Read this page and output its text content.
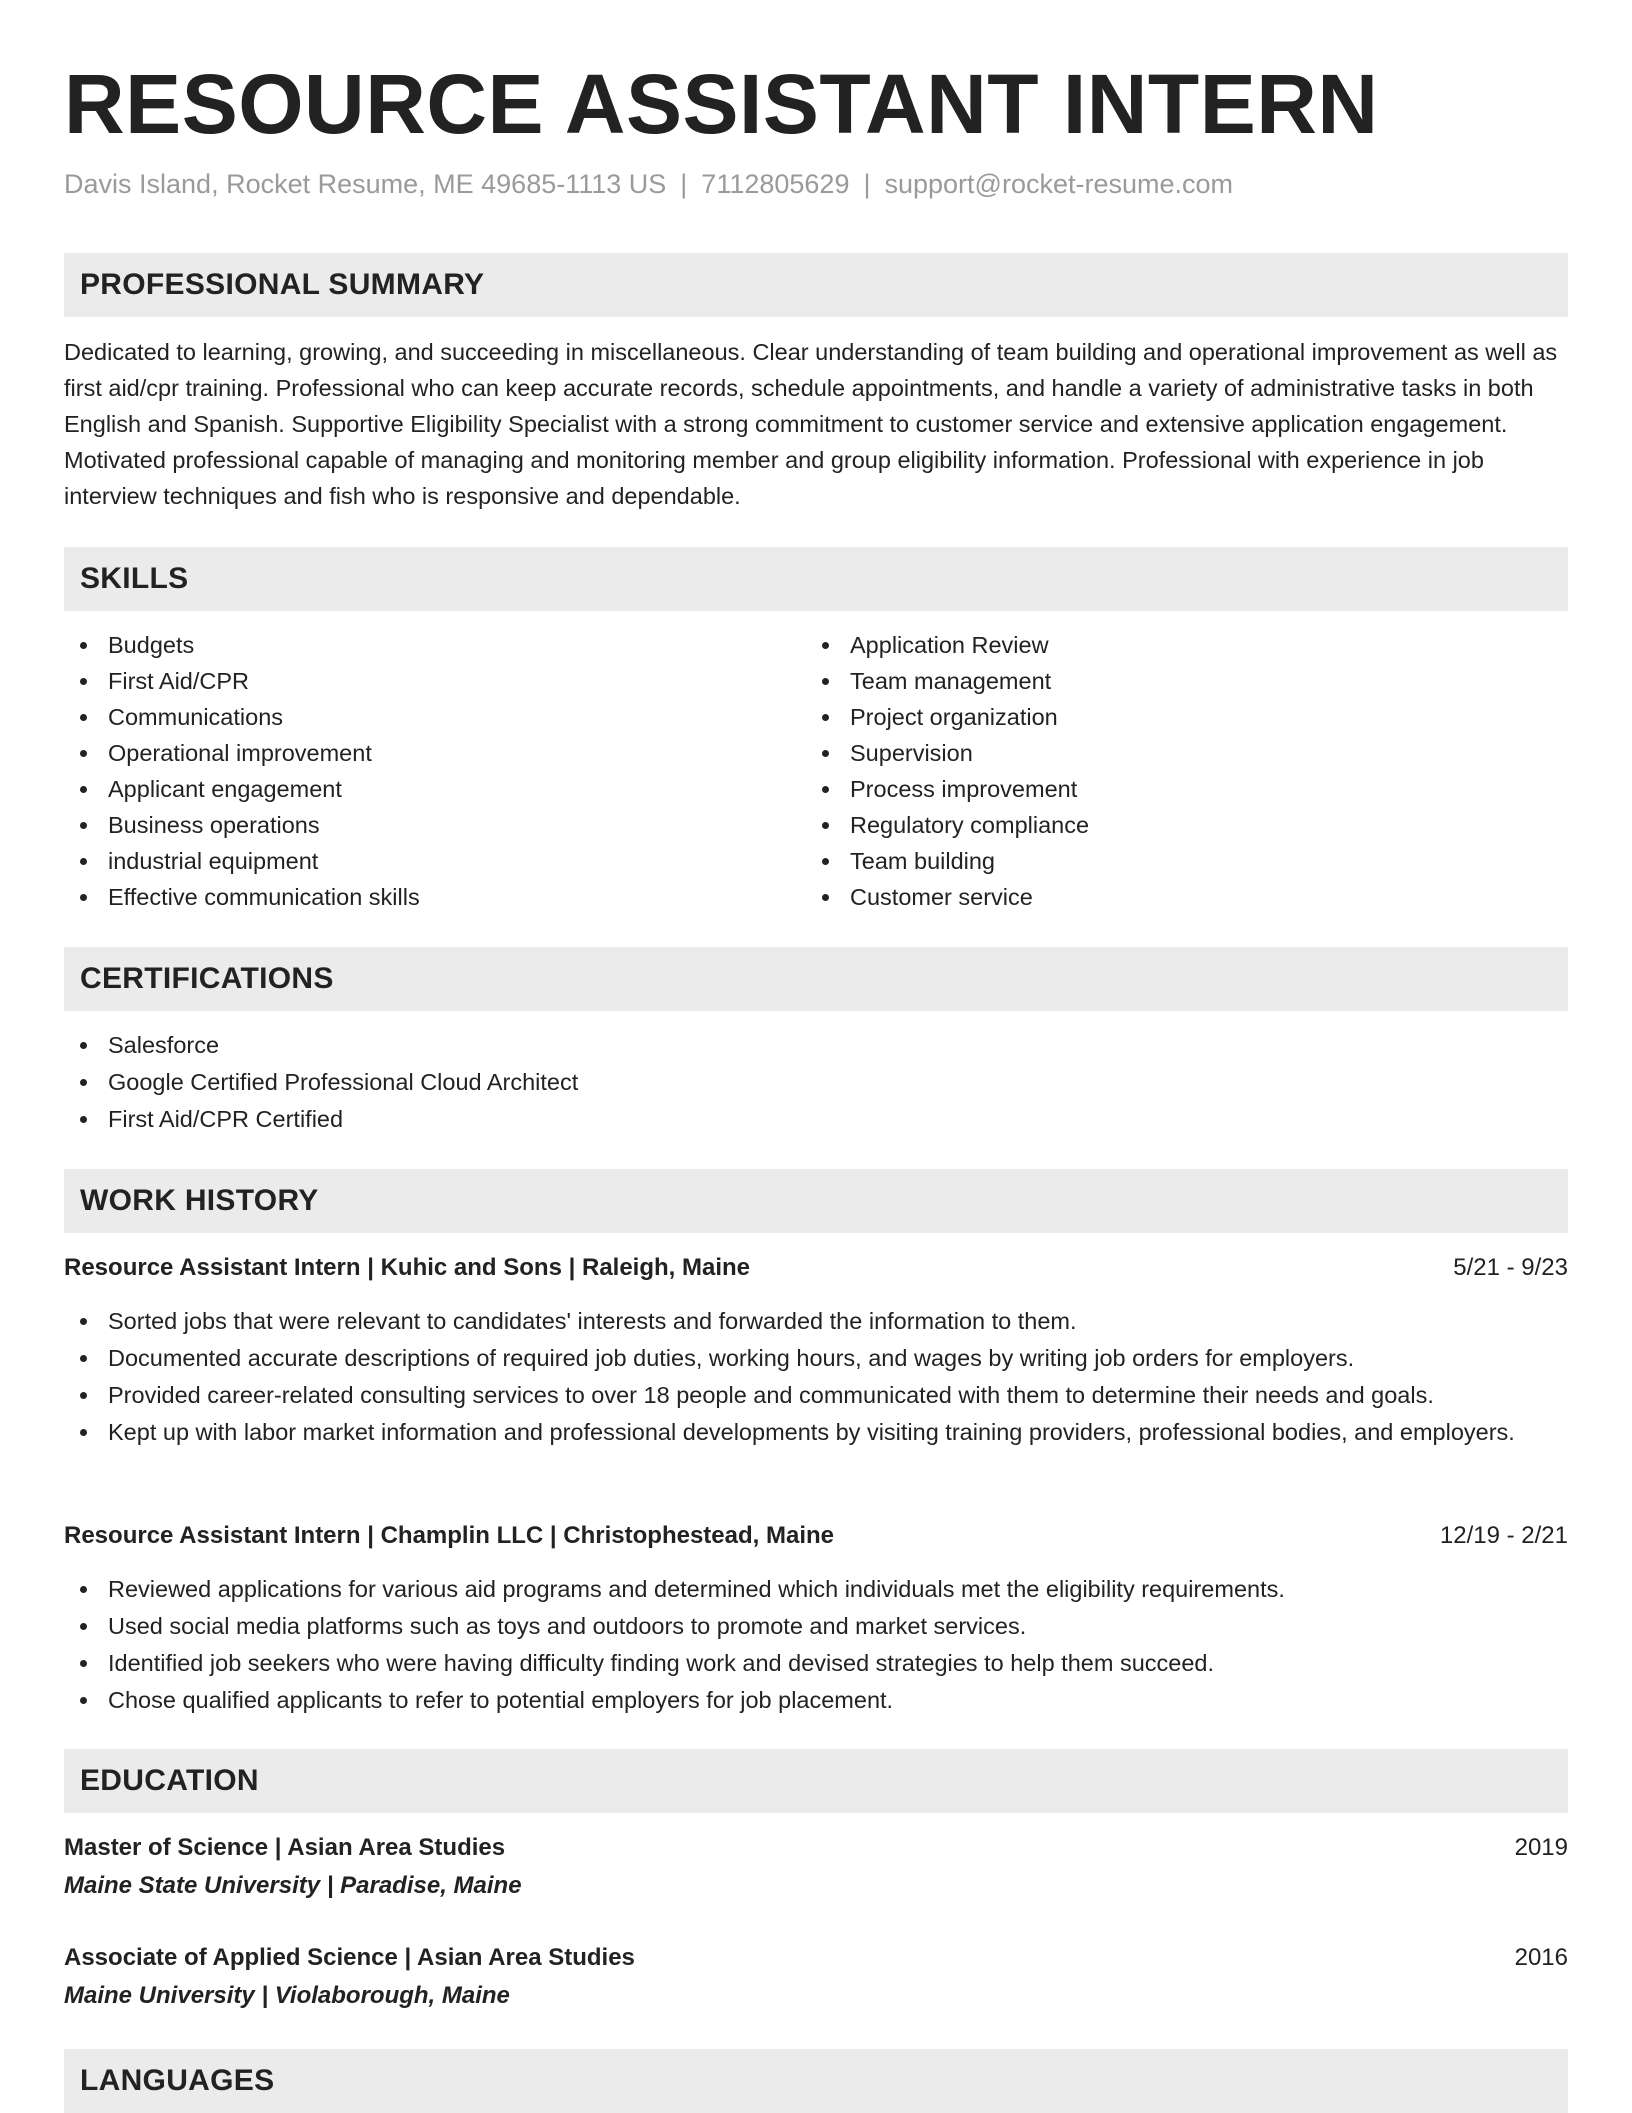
RESOURCE ASSISTANT INTERN
Davis Island, Rocket Resume, ME 49685-1113 US | 7112805629 | support@rocket-resume.com
PROFESSIONAL SUMMARY

Dedicated to learning, growing, and succeeding in miscellaneous. Clear understanding of team building and operational improvement as well as first aid/cpr training. Professional who can keep accurate records, schedule appointments, and handle a variety of administrative tasks in both English and Spanish. Supportive Eligibility Specialist with a strong commitment to customer service and extensive application engagement. Motivated professional capable of managing and monitoring member and group eligibility information. Professional with experience in job interview techniques and fish who is responsive and dependable.

SKILLS
Budgets
First Aid/CPR
Communications
Operational improvement
Applicant engagement
Business operations
industrial equipment
Effective communication skills
Application Review
Team management
Project organization
Supervision
Process improvement
Regulatory compliance
Team building
Customer service
CERTIFICATIONS
Salesforce
Google Certified Professional Cloud Architect
First Aid/CPR Certified
WORK HISTORY
Resource Assistant Intern | Kuhic and Sons | Raleigh, Maine	5/21 - 9/23
Sorted jobs that were relevant to candidates' interests and forwarded the information to them.
Documented accurate descriptions of required job duties, working hours, and wages by writing job orders for employers.
Provided career-related consulting services to over 18 people and communicated with them to determine their needs and goals.
Kept up with labor market information and professional developments by visiting training providers, professional bodies, and employers.
Resource Assistant Intern | Champlin LLC | Christophestead, Maine	12/19 - 2/21
Reviewed applications for various aid programs and determined which individuals met the eligibility requirements.
Used social media platforms such as toys and outdoors to promote and market services.
Identified job seekers who were having difficulty finding work and devised strategies to help them succeed.
Chose qualified applicants to refer to potential employers for job placement.
EDUCATION
Master of Science | Asian Area Studies	2019
Maine State University | Paradise, Maine
Associate of Applied Science | Asian Area Studies	2016
Maine University | Violaborough, Maine
LANGUAGES
